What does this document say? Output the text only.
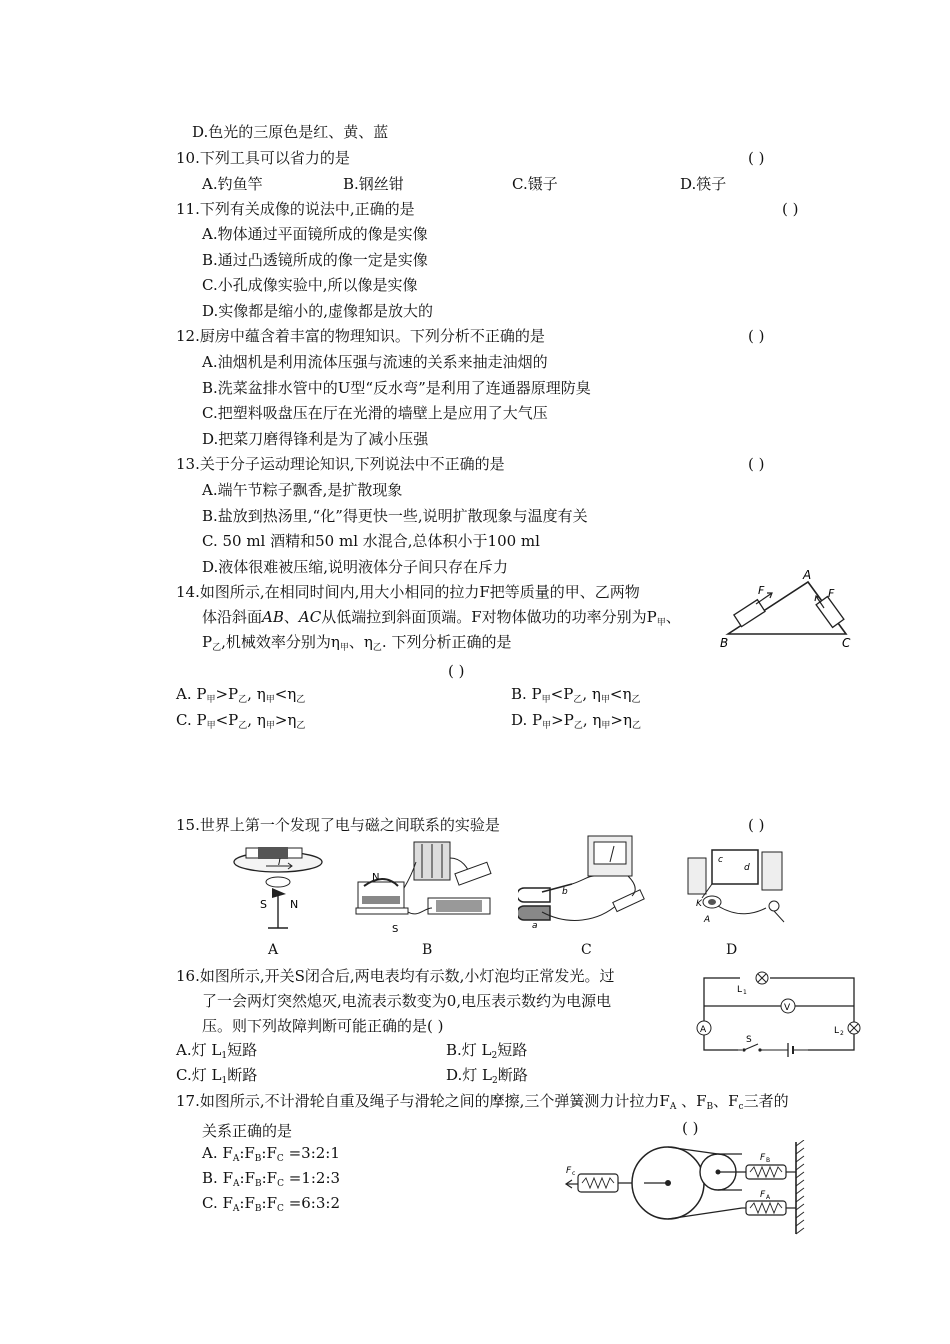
D.色光的三原色是红、黄、蓝
10.下列工具可以省力的是	( )
A.钓鱼竿	B.钢丝钳	C.镊子	D.筷子
11.下列有关成像的说法中,正确的是	( )
A.物体通过平面镜所成的像是实像
B.通过凸透镜所成的像一定是实像
C.小孔成像实验中,所以像是实像
D.实像都是缩小的,虚像都是放大的
12.厨房中蕴含着丰富的物理知识。下列分析不正确的是	( )
A.油烟机是利用流体压强与流速的关系来抽走油烟的
B.洗菜盆排水管中的U型“反水弯”是利用了连通器原理防臭
C.把塑料吸盘压在厅在光滑的墙壁上是应用了大气压
D.把菜刀磨得锋利是为了减小压强
13.关于分子运动理论知识,下列说法中不正确的是	( )
A.端午节粽子飘香,是扩散现象
B.盐放到热汤里,“化”得更快一些,说明扩散现象与温度有关
C. 50 ml 酒精和50 ml 水混合,总体积小于100 ml
D.液体很难被压缩,说明液体分子间只存在斥力
14.如图所示,在相同时间内,用大小相同的拉力F把等质量的甲、乙两物
体沿斜面AB、AC从低端拉到斜面顶端。F对物体做功的功率分别为$P_甲$、
$P_乙$,机械效率分别为$\eta_甲$、$\eta_乙$. 下列分析正确的是
( )
A. $P_甲>P_乙$, $\eta_甲<\eta_乙$	B. $P_甲<P_乙$, $\eta_甲<\eta_乙$
C. $P_甲<P_乙$, $\eta_甲>\eta_乙$	D. $P_甲>P_乙$, $\eta_甲>\eta_乙$
A
B	C
F	F
15.世界上第一个发现了电与磁之间联系的实验是	( )
I
S N
N
S
b
a
K
d
c
A
A	B	C	D
16.如图所示,开关S闭合后,两电表均有示数,小灯泡均正常发光。过
了一会两灯突然熄灭,电流表示数变为0,电压表示数约为电源电
压。则下列故障判断可能正确的是( )
A.灯 $L_1$短路	B.灯 $L_2$短路
C.灯 $L_1$断路	D.灯 $L_2$断路
L 1
V
A	L 2
S
17.如图所示,不计滑轮自重及绳子与滑轮之间的摩擦,三个弹簧测力计拉力$F_A$ 、$F_B$、$F_c$三者的
关系正确的是	( )
A. $F_A:F_B:F_C$ =3:2:1
B. $F_A:F_B:F_C$ =1:2:3
C. $F_A:F_B:F_C$ =6:3:2
F c
F B
F A
